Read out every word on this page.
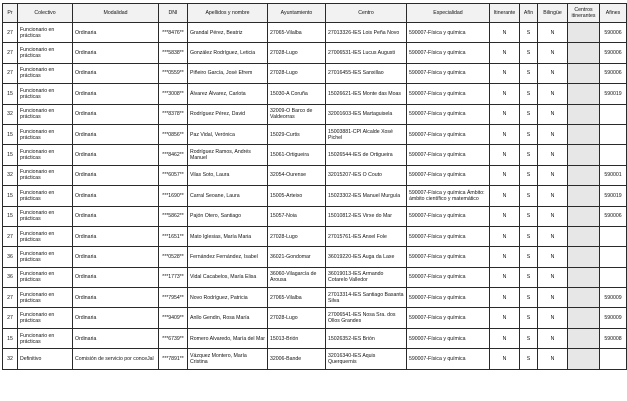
Pr	Colectivo	Modalidad	DNI	Apellidos y nombre	Ayuntamiento	Centro	Especialidad	Itinerante	Afín	Bilingüe	Centros itinerantes	Afines
27	Funcionario en prácticas	Ordinaria	***8476**	Grandal Pérez, Beatriz	27065-Vilalba	27013326-IES Lois Peña Novo	590007-Física y química	N	S	N		590006
27	Funcionario en prácticas	Ordinaria	***5838**	González Rodríguez, Leticia	27028-Lugo	27006531-IES Lucus Augusti	590007-Física y química	N	S	N		590006
27	Funcionario en prácticas	Ordinaria	***0559**	Piñeiro García, José Efrem	27028-Lugo	27016455-IES Sanxillao	590007-Física y química	N	S	N		590006
15	Funcionario en prácticas	Ordinaria	***3008**	Álvarez Álvarez, Carlota	15030-A Coruña	15026621-IES Monte das Moas	590007-Física y química	N	S	N		590019
32	Funcionario en prácticas	Ordinaria	***8378**	Rodríguez Pérez, David	32009-O Barco de Valdeorras	32001603-IES Martaguisela	590007-Física y química	N	S	N		
15	Funcionario en prácticas	Ordinaria	***0856**	Paz Vidal, Verónica	15029-Curtis	15003881-CPI Alcalde Xosé Pichel	590007-Física y química	N	S	N		
15	Funcionario en prácticas	Ordinaria	***8462**	Rodríguez Ramos, Andrés Manuel	15061-Ortigueira	15026544-IES de Ortigueira	590007-Física y química	N	S	N		
32	Funcionario en prácticas	Ordinaria	***6057**	Vilas Soto, Laura	32054-Ourense	32015207-IES O Couto	590007-Física y química	N	S	N		590001
15	Funcionario en prácticas	Ordinaria	***1690**	Carral Seoane, Laura	15005-Arteixo	15023302-IES Manuel Murguía	590007-Física y química Ámbito: ámbito científico y matemático	N	S	N		590019
15	Funcionario en prácticas	Ordinaria	***5862**	Pajón Otero, Santiago	15057-Noia	15010812-IES Virxe do Mar	590007-Física y química	N	S	N		590006
27	Funcionario en prácticas	Ordinaria	***1651**	Mato Iglesias, María Maria	27028-Lugo	27015761-IES Anxel Fole	590007-Física y química	N	S	N		
36	Funcionario en prácticas	Ordinaria	***0528**	Fernández Fernández, Isabel	36021-Gondomar	36019220-IES Auga da Laxe	590007-Física y química	N	S	N		
36	Funcionario en prácticas	Ordinaria	***1773**	Vidal Cacabelos, María Elisa	36060-Vilagarcía de Arousa	36019013-IES Armando Cotarelo Valledor	590007-Física y química	N	S	N		
27	Funcionario en prácticas	Ordinaria	***7954**	Novo Rodríguez, Patricia	27065-Vilalba	27013314-IES Santiago Basanta Silva	590007-Física y química	N	S	N		590009
27	Funcionario en prácticas	Ordinaria	***9409**	Anllo Gendin, Rosa María	27028-Lugo	27006541-IES Nosa Sra. dos Ollos Grandes	590007-Física y química	N	S	N		590009
15	Funcionario en prácticas	Ordinaria	***6739**	Romero Alvaredo, María del Mar	15013-Brión	15026352-IES Brión	590007-Física y química	N	S	N		590008
32	Definitivo	Comisión de servicio por conceJal	***7891**	Vázquez Montero, María Cristina	32006-Bande	32016340-IES Aquis Querquernis	590007-Física y química	N	S	N		
